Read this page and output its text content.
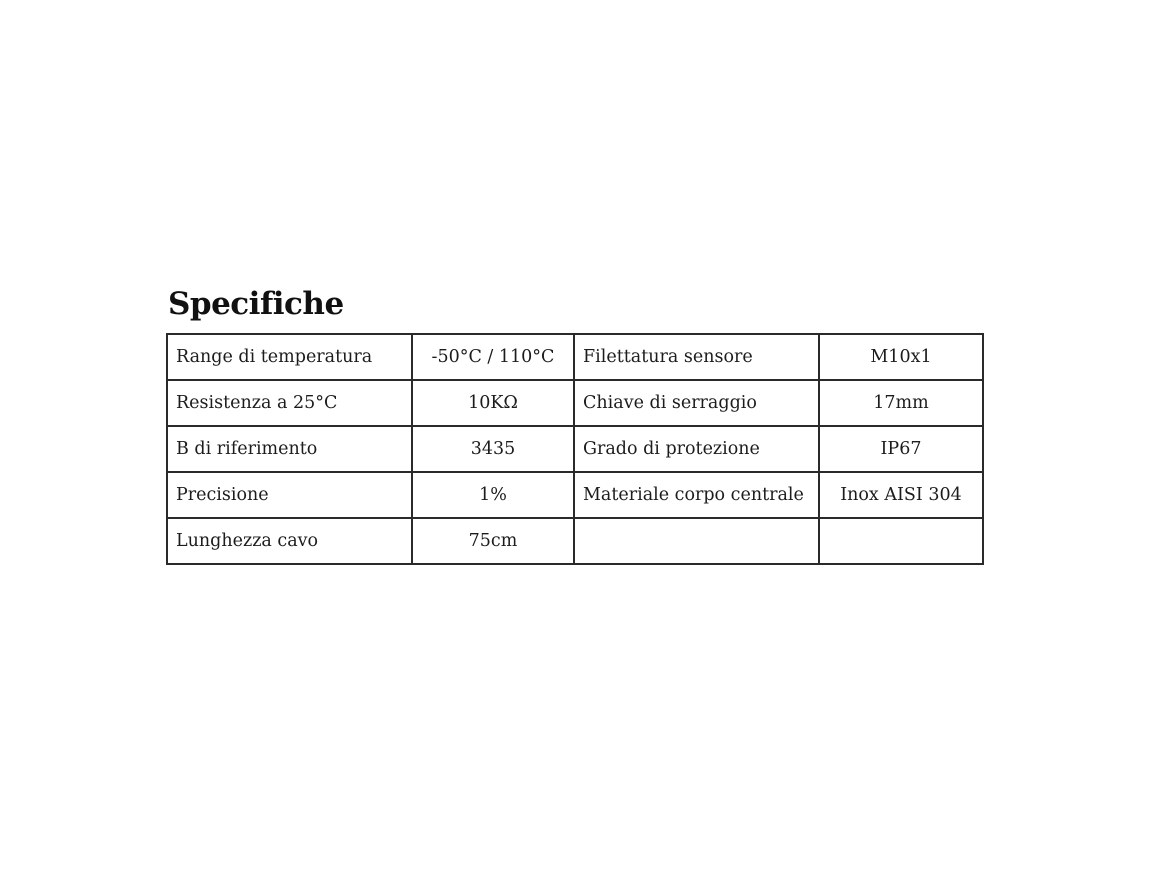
Specifiche
Range di temperatura	-50°C / 110°C	Filettatura sensore	M10x1
Resistenza a 25°C	10KΩ	Chiave di serraggio	17mm
B di riferimento	3435	Grado di protezione	IP67
Precisione	1%	Materiale corpo centrale	Inox AISI 304
Lunghezza cavo	75cm		
